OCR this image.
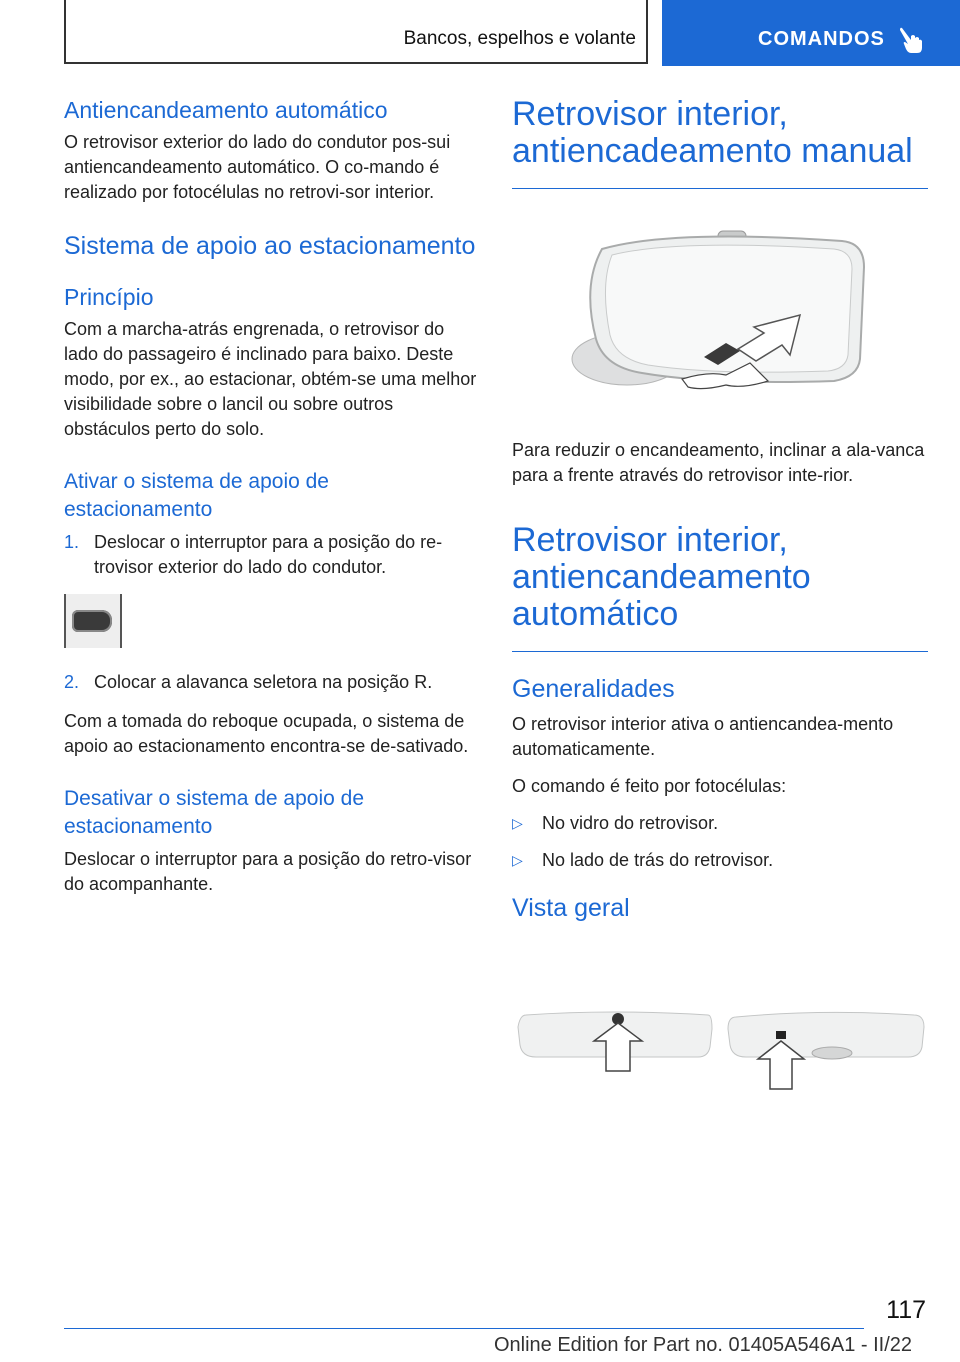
Bancos, espelhos e volante	COMANDOS
Antiencandeamento automático

O retrovisor exterior do lado do condutor pos-sui antiencandeamento automático. O co-mando é realizado por fotocélulas no retrovi-sor interior.

Sistema de apoio ao estacionamento
Princípio

Com a marcha-atrás engrenada, o retrovisor do lado do passageiro é inclinado para baixo. Deste modo, por ex., ao estacionar, obtém-se uma melhor visibilidade sobre o lancil ou sobre outros obstáculos perto do solo.

Ativar o sistema de apoio de estacionamento
1. Deslocar o interruptor para a posição do re-trovisor exterior do lado do condutor.
2. Colocar a alavanca seletora na posição R.

Com a tomada do reboque ocupada, o sistema de apoio ao estacionamento encontra-se de-sativado.

Desativar o sistema de apoio de estacionamento

Deslocar o interruptor para a posição do retro-visor do acompanhante.

Retrovisor interior, antiencadeamento manual

Para reduzir o encandeamento, inclinar a ala-vanca para a frente através do retrovisor inte-rior.

Retrovisor interior, antiencandeamento automático
Generalidades

O retrovisor interior ativa o antiencandea-mento automaticamente.

O comando é feito por fotocélulas:

▷	No vidro do retrovisor.
▷	No lado de trás do retrovisor.
Vista geral
117
Online Edition for Part no. 01405A546A1 - II/22
